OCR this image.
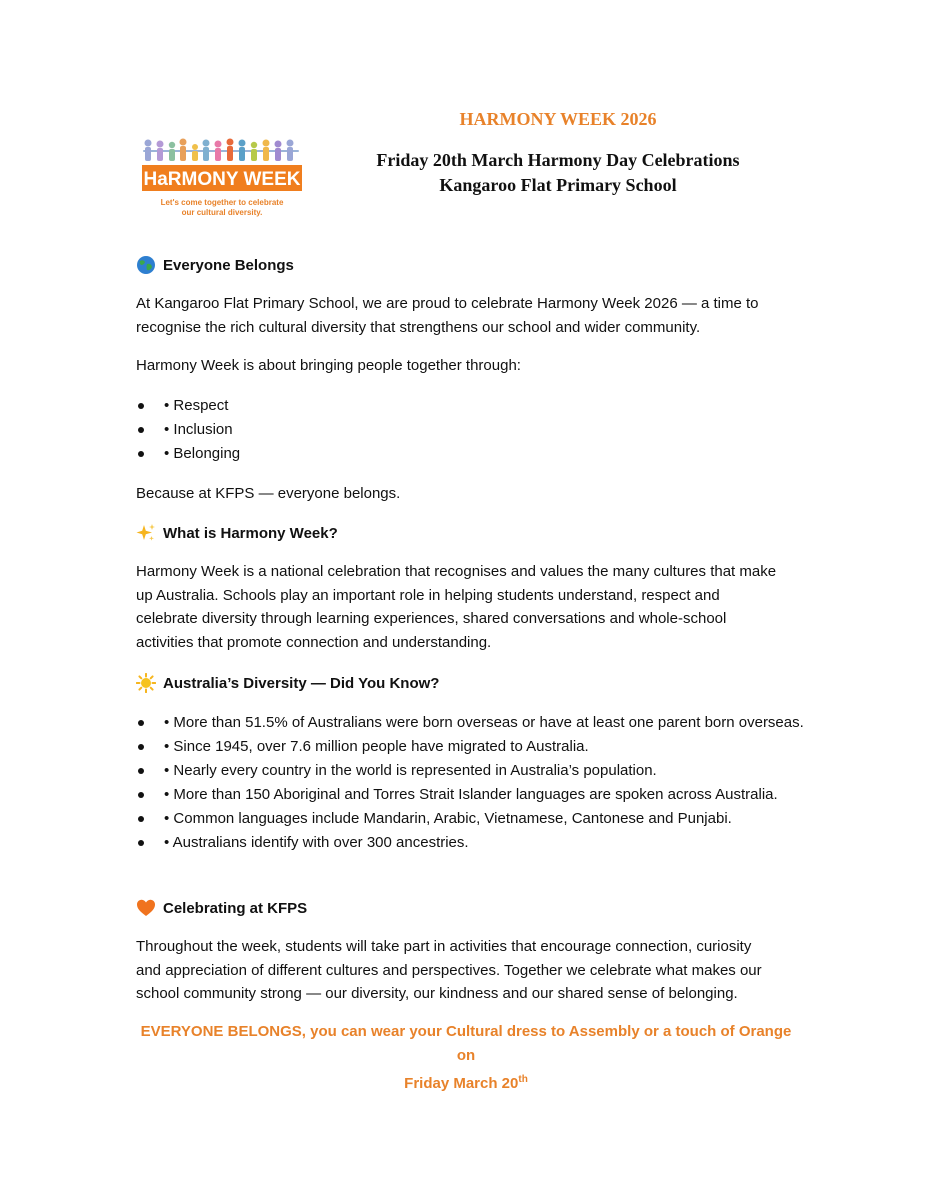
HARMONY WEEK 2026
Friday 20th March Harmony Day Celebrations
Kangaroo Flat Primary School
HaRMONY WEEK
Let's come together to celebrate
our cultural diversity.
Everyone Belongs

At Kangaroo Flat Primary School, we are proud to celebrate Harmony Week 2026 — a time to

recognise the rich cultural diversity that strengthens our school and wider community.

Harmony Week is about bringing people together through:
• Respect
• Inclusion
• Belonging
Because at KFPS — everyone belongs.
What is Harmony Week?

Harmony Week is a national celebration that recognises and values the many cultures that make

up Australia. Schools play an important role in helping students understand, respect and

celebrate diversity through learning experiences, shared conversations and whole-school

activities that promote connection and understanding.

Australia’s Diversity — Did You Know?
• More than 51.5% of Australians were born overseas or have at least one parent born overseas.
• Since 1945, over 7.6 million people have migrated to Australia.
• Nearly every country in the world is represented in Australia’s population.
• More than 150 Aboriginal and Torres Strait Islander languages are spoken across Australia.
• Common languages include Mandarin, Arabic, Vietnamese, Cantonese and Punjabi.
• Australians identify with over 300 ancestries.
Celebrating at KFPS

Throughout the week, students will take part in activities that encourage connection, curiosity

and appreciation of different cultures and perspectives. Together we celebrate what makes our

school community strong — our diversity, our kindness and our shared sense of belonging.

EVERYONE BELONGS, you can wear your Cultural dress to Assembly or a touch of Orange on
Friday March 20th
